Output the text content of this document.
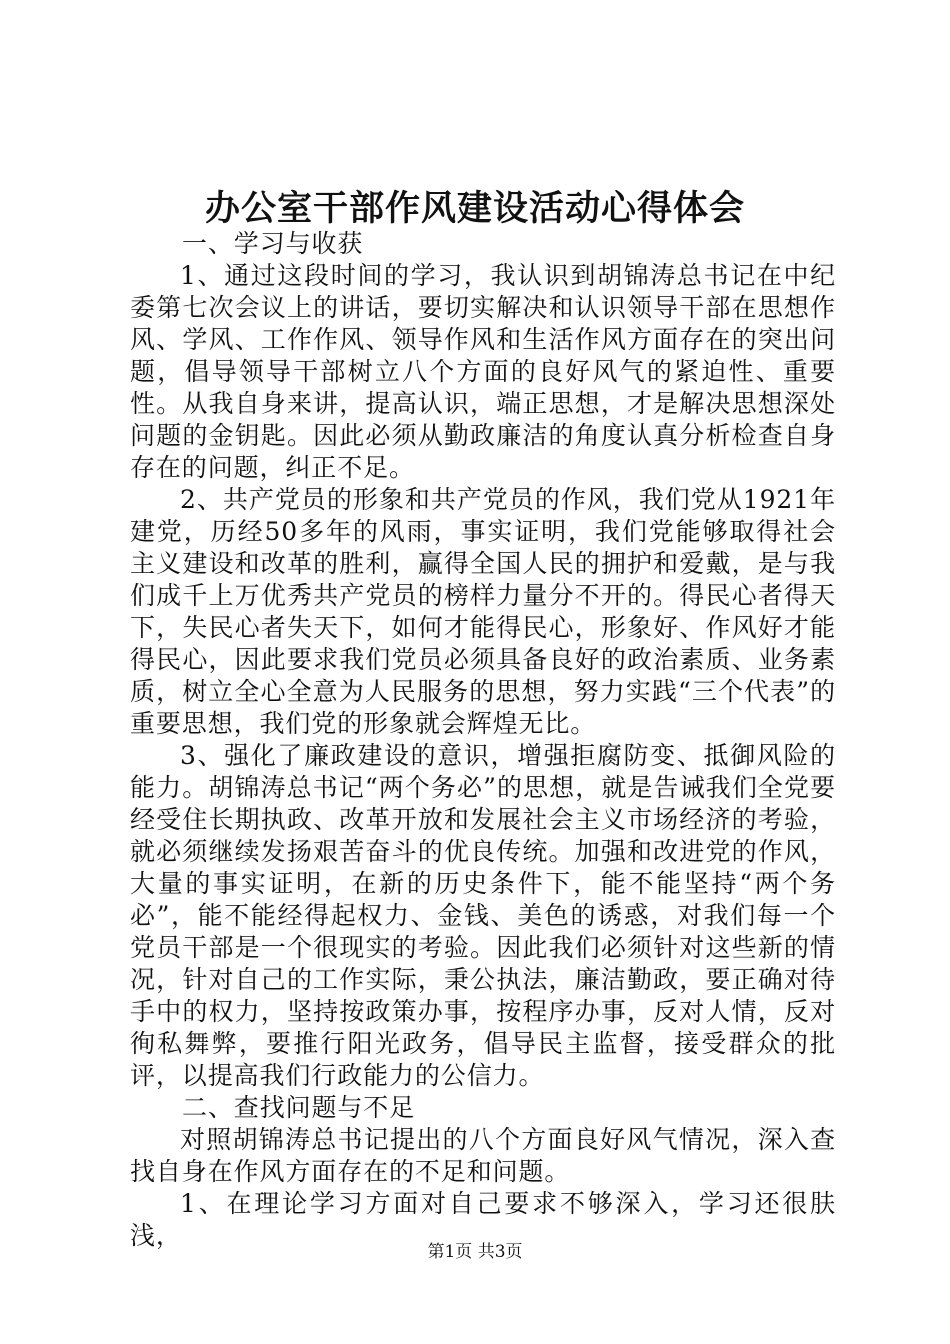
办公室干部作风建设活动心得体会

一、学习与收获

1、通过这段时间的学习，我认识到胡锦涛总书记在中纪委第七次会议上的讲话，要切实解决和认识领导干部在思想作风、学风、工作作风、领导作风和生活作风方面存在的突出问题，倡导领导干部树立八个方面的良好风气的紧迫性、重要性。从我自身来讲，提高认识，端正思想，才是解决思想深处问题的金钥匙。因此必须从勤政廉洁的角度认真分析检查自身存在的问题，纠正不足。

2、共产党员的形象和共产党员的作风，我们党从1921年建党，历经50多年的风雨，事实证明，我们党能够取得社会主义建设和改革的胜利，赢得全国人民的拥护和爱戴，是与我们成千上万优秀共产党员的榜样力量分不开的。得民心者得天下，失民心者失天下，如何才能得民心，形象好、作风好才能得民心，因此要求我们党员必须具备良好的政治素质、业务素质，树立全心全意为人民服务的思想，努力实践“三个代表”的重要思想，我们党的形象就会辉煌无比。

3、强化了廉政建设的意识，增强拒腐防变、抵御风险的能力。胡锦涛总书记“两个务必”的思想，就是告诫我们全党要经受住长期执政、改革开放和发展社会主义市场经济的考验，就必须继续发扬艰苦奋斗的优良传统。加强和改进党的作风，大量的事实证明，在新的历史条件下，能不能坚持“两个务必”，能不能经得起权力、金钱、美色的诱惑，对我们每一个党员干部是一个很现实的考验。因此我们必须针对这些新的情况，针对自己的工作实际，秉公执法，廉洁勤政，要正确对待手中的权力，坚持按政策办事，按程序办事，反对人情，反对徇私舞弊，要推行阳光政务，倡导民主监督，接受群众的批评，以提高我们行政能力的公信力。

二、查找问题与不足

对照胡锦涛总书记提出的八个方面良好风气情况，深入查找自身在作风方面存在的不足和问题。

1、在理论学习方面对自己要求不够深入，学习还很肤浅，

第1页 共3页
